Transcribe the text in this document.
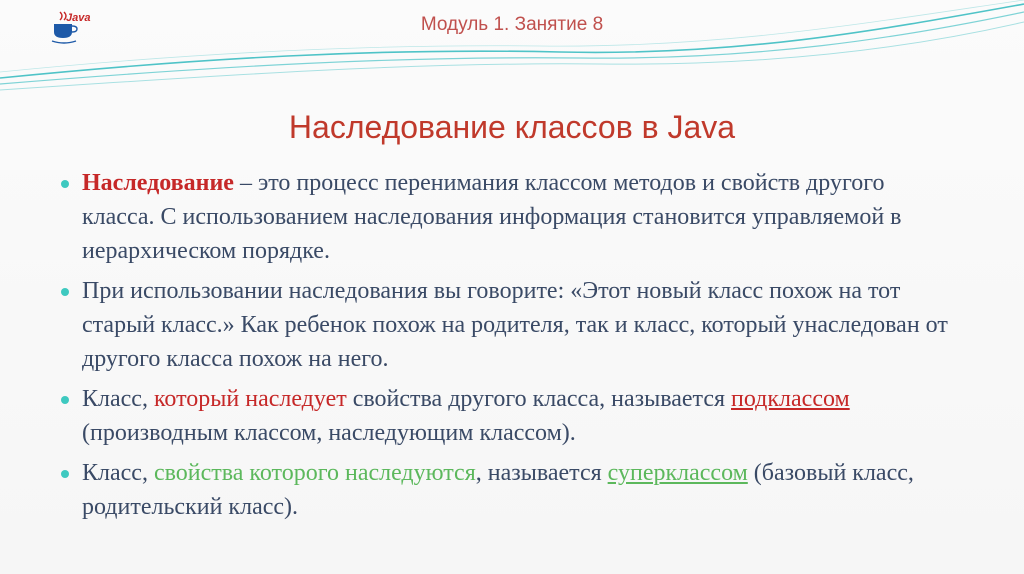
Java	Модуль 1. Занятие 8
Наследование классов в Java
Наследование – это процесс перенимания классом методов и свойств другого класса. С использованием наследования информация становится управляемой в иерархическом порядке.
При использовании наследования вы говорите: «Этот новый класс похож на тот старый класс.» Как ребенок похож на родителя, так и класс, который унаследован от другого класса похож на него.
Класс, который наследует свойства другого класса, называется подклассом (производным классом, наследующим классом).
Класс, свойства которого наследуются, называется суперклассом (базовый класс, родительский класс).
